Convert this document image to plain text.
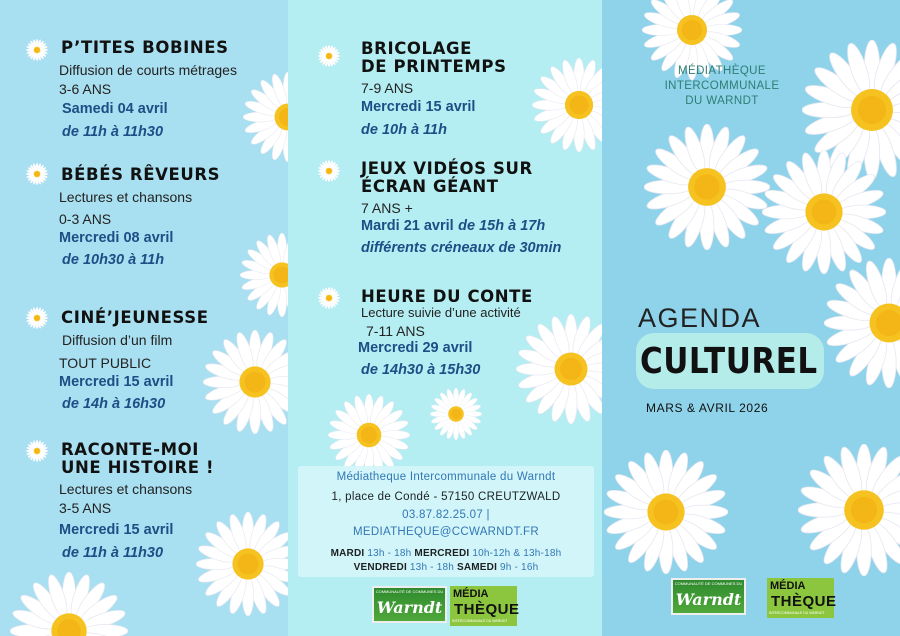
P’TITES BOBINES
Diffusion de courts métrages
3-6 ANS
Samedi 04 avril
de 11h à 11h30
BÉBÉS RÊVEURS
Lectures et chansons
0-3 ANS
Mercredi 08 avril
de 10h30 à 11h
CINÉ’JEUNESSE
Diffusion d’un film
TOUT PUBLIC
Mercredi 15 avril
de 14h à 16h30
RACONTE-MOI
UNE HISTOIRE !
Lectures et chansons
3-5 ANS
Mercredi 15 avril
de 11h à 11h30
BRICOLAGE
DE PRINTEMPS
7-9 ANS
Mercredi 15 avril
de 10h à 11h
JEUX VIDÉOS SUR
ÉCRAN GÉANT
7 ANS +
Mardi 21 avril de 15h à 17h
différents créneaux de 30min
HEURE DU CONTE
Lecture suivie d’une activité
7-11 ANS
Mercredi 29 avril
de 14h30 à 15h30
COMMUNAUTÉ DE COMMUNES DU
Warndt
MÉDIA
THÈQUE
INTERCOMMUNALE DU WARNDT
Médiatheque Intercommunale du Warndt
1, place de Condé - 57150 CREUTZWALD
03.87.82.25.07 |
MEDIATHEQUE@CCWARNDT.FR
MARDI 13h - 18h MERCREDI 10h-12h & 13h-18h
VENDREDI 13h - 18h SAMEDI 9h - 16h
MÉDIATHÈQUE
INTERCOMMUNALE
DU WARNDT
AGENDA
CULTUREL
MARS & AVRIL 2026
COMMUNAUTÉ DE COMMUNES DU
Warndt
MÉDIA
THÈQUE
INTERCOMMUNALE DU WARNDT
